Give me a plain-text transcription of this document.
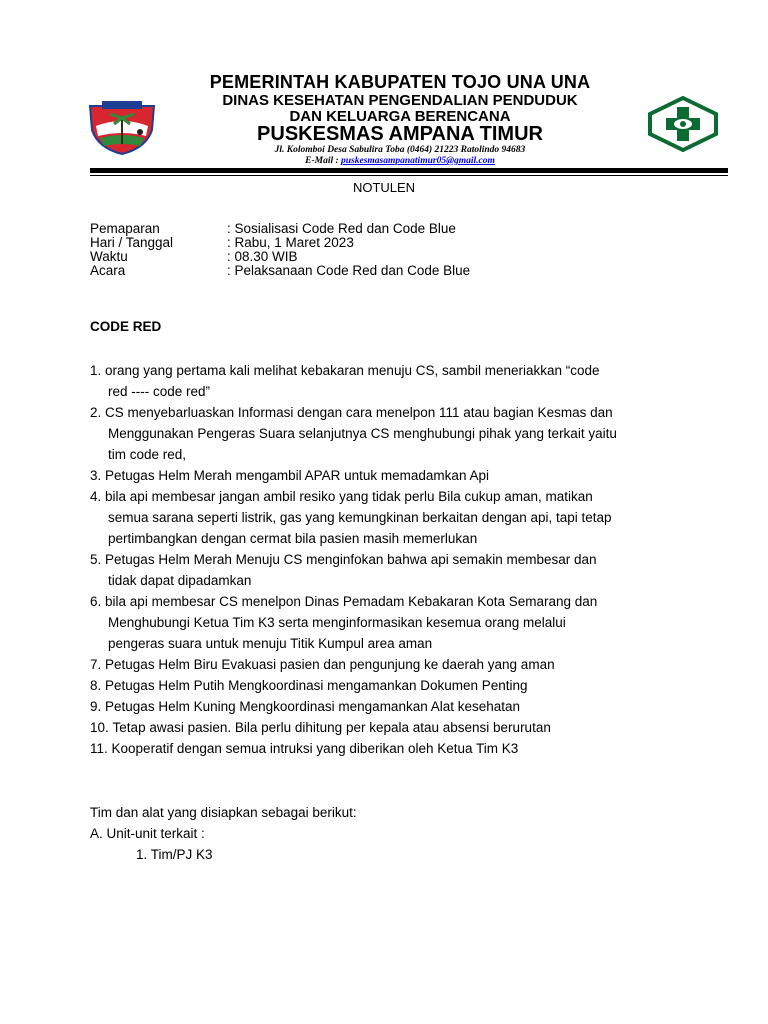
PEMERINTAH KABUPATEN TOJO UNA UNA
DINAS KESEHATAN PENGENDALIAN PENDUDUK
DAN KELUARGA BERENCANA
PUSKESMAS AMPANA TIMUR
Jl. Kolomboi Desa Sabulira Toba (0464) 21223 Ratolindo 94683
E-Mail : puskesmasampanatimur05@gmail.com
NOTULEN
Pemaparan	: Sosialisasi Code Red dan Code Blue
Hari / Tanggal	: Rabu, 1 Maret 2023
Waktu	: 08.30 WIB
Acara	: Pelaksanaan Code Red dan Code Blue
CODE RED
1.
orang yang pertama kali melihat kebakaran menuju CS, sambil meneriakkan “code
red ---- code red”
2.
CS menyebarluaskan Informasi dengan cara menelpon 111 atau bagian Kesmas dan
Menggunakan Pengeras Suara selanjutnya CS menghubungi pihak yang terkait yaitu
tim code red,
3.
Petugas Helm Merah mengambil APAR untuk memadamkan Api
4.
bila api membesar jangan ambil resiko yang tidak perlu Bila cukup aman, matikan
semua sarana seperti listrik, gas yang kemungkinan berkaitan dengan api, tapi tetap
pertimbangkan dengan cermat bila pasien masih memerlukan
5.
Petugas Helm Merah Menuju CS menginfokan bahwa api semakin membesar dan
tidak dapat dipadamkan
6.
bila api membesar CS menelpon Dinas Pemadam Kebakaran Kota Semarang dan
Menghubungi Ketua Tim K3 serta menginformasikan kesemua orang melalui
pengeras suara untuk menuju Titik Kumpul area aman
7.
Petugas Helm Biru Evakuasi pasien dan pengunjung ke daerah yang aman
8.
Petugas Helm Putih Mengkoordinasi mengamankan Dokumen Penting
9.
Petugas Helm Kuning Mengkoordinasi mengamankan Alat kesehatan
10.
Tetap awasi pasien. Bila perlu dihitung per kepala atau absensi berurutan
11.
Kooperatif dengan semua intruksi yang diberikan oleh Ketua Tim K3
Tim dan alat yang disiapkan sebagai berikut:
A. Unit-unit terkait :
1. Tim/PJ K3
